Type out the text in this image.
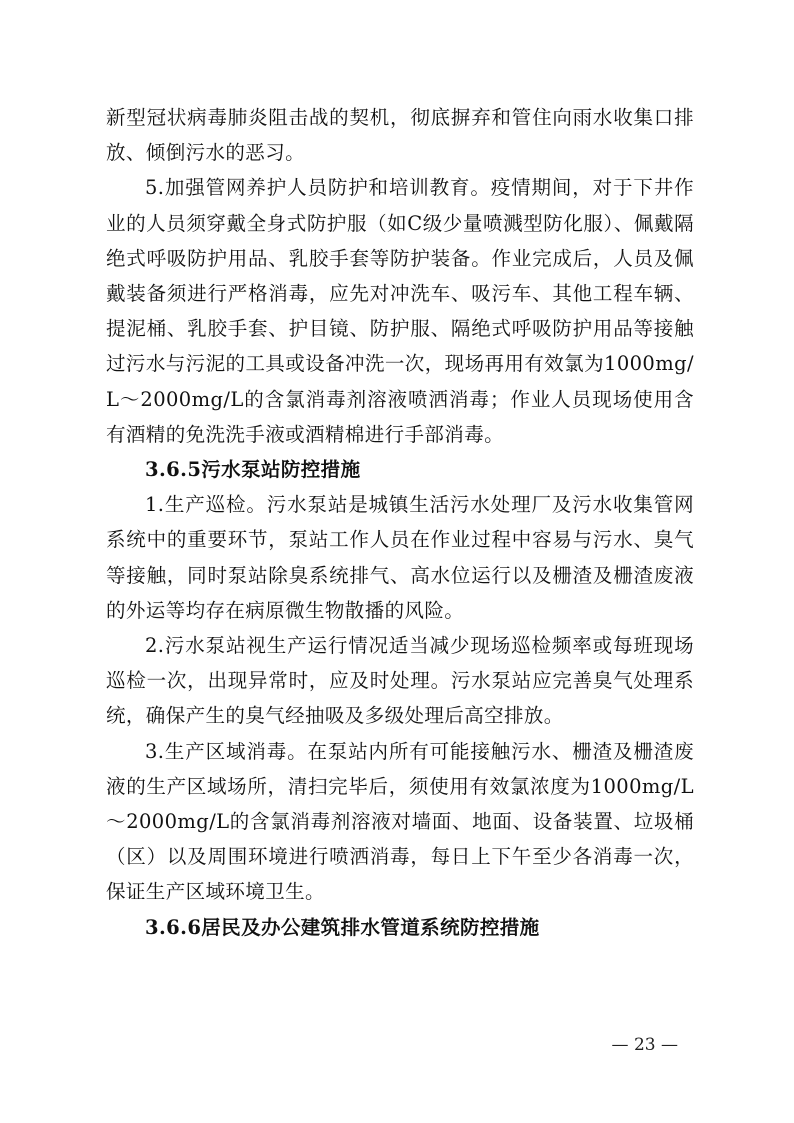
新型冠状病毒肺炎阻击战的契机，彻底摒弃和管住向雨水收集口排放、倾倒污水的恶习。

5.加强管网养护人员防护和培训教育。疫情期间，对于下井作业的人员须穿戴全身式防护服（如C级少量喷溅型防化服）、佩戴隔绝式呼吸防护用品、乳胶手套等防护装备。作业完成后，人员及佩戴装备须进行严格消毒，应先对冲洗车、吸污车、其他工程车辆、提泥桶、乳胶手套、护目镜、防护服、隔绝式呼吸防护用品等接触过污水与污泥的工具或设备冲洗一次，现场再用有效氯为1000mg/L～2000mg/L的含氯消毒剂溶液喷洒消毒；作业人员现场使用含有酒精的免洗洗手液或酒精棉进行手部消毒。

3.6.5污水泵站防控措施

1.生产巡检。污水泵站是城镇生活污水处理厂及污水收集管网系统中的重要环节，泵站工作人员在作业过程中容易与污水、臭气等接触，同时泵站除臭系统排气、高水位运行以及栅渣及栅渣废液的外运等均存在病原微生物散播的风险。

2.污水泵站视生产运行情况适当减少现场巡检频率或每班现场巡检一次，出现异常时，应及时处理。污水泵站应完善臭气处理系统，确保产生的臭气经抽吸及多级处理后高空排放。

3.生产区域消毒。在泵站内所有可能接触污水、栅渣及栅渣废液的生产区域场所，清扫完毕后，须使用有效氯浓度为1000mg/L～2000mg/L的含氯消毒剂溶液对墙面、地面、设备装置、垃圾桶（区）以及周围环境进行喷洒消毒，每日上下午至少各消毒一次，保证生产区域环境卫生。

3.6.6居民及办公建筑排水管道系统防控措施

— 23 —
